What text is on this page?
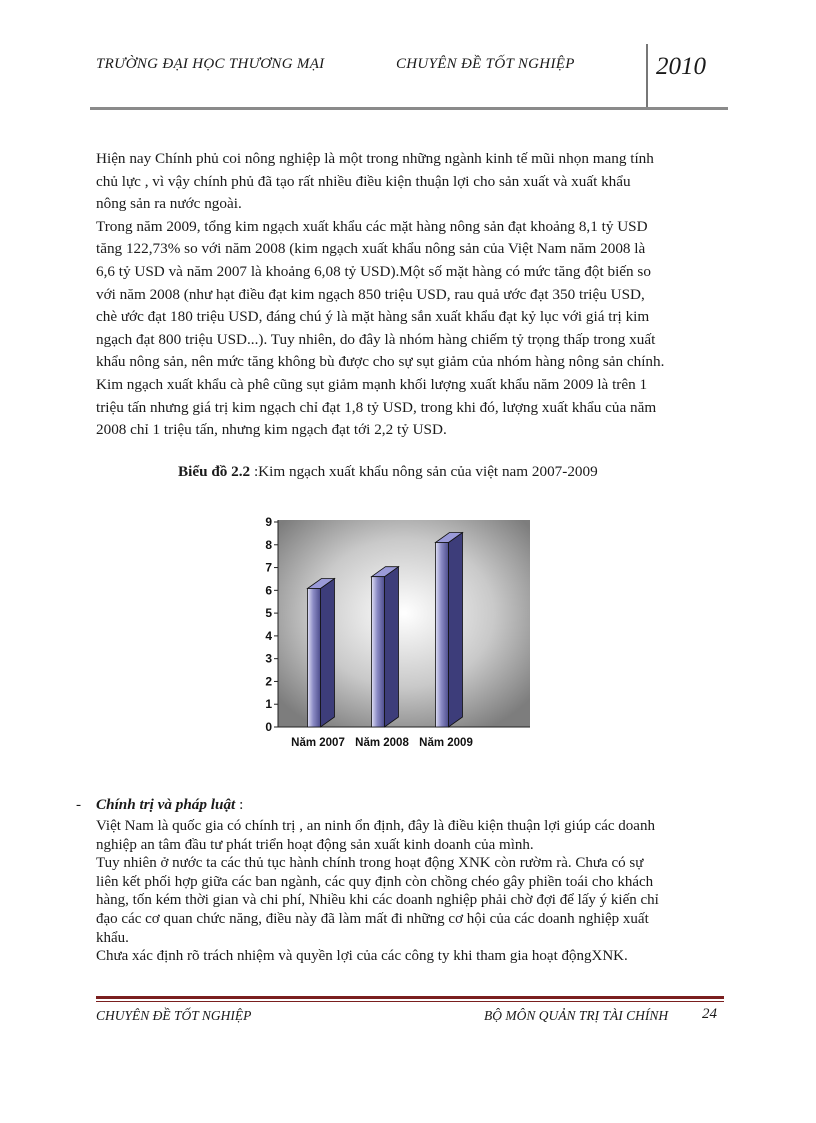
TRƯỜNG ĐẠI HỌC THƯƠNG MẠI	CHUYÊN ĐỀ TỐT NGHIỆP	2010

Hiện nay Chính phủ coi nông nghiệp là một trong những ngành kinh tế mũi nhọn mang tính

chủ lực , vì vậy chính phủ đã tạo rất nhiều điều kiện thuận lợi cho sản xuất và xuất khẩu

nông sản ra nước ngoài.

Trong năm 2009, tổng kim ngạch xuất khẩu các mặt hàng nông sản đạt khoảng 8,1 tỷ USD

tăng 122,73% so với năm 2008 (kim ngạch xuất khẩu nông sản của Việt Nam năm 2008 là

6,6 tỷ USD và năm 2007 là khoảng 6,08 tỷ USD).Một số mặt hàng có mức tăng đột biến so

với năm 2008 (như hạt điều đạt kim ngạch 850 triệu USD, rau quả ước đạt 350 triệu USD,

chè ước đạt 180 triệu USD, đáng chú ý là mặt hàng sắn xuất khẩu đạt kỷ lục với giá trị kim

ngạch đạt 800 triệu USD...). Tuy nhiên, do đây là nhóm hàng chiếm tỷ trọng thấp trong xuất

khẩu nông sản, nên mức tăng không bù được cho sự sụt giảm của nhóm hàng nông sản chính.

Kim ngạch xuất khẩu cà phê cũng sụt giảm mạnh khối lượng xuất khẩu năm 2009 là trên 1

triệu tấn nhưng giá trị kim ngạch chỉ đạt 1,8 tỷ USD, trong khi đó, lượng xuất khẩu của năm

2008 chỉ 1 triệu tấn, nhưng kim ngạch đạt tới 2,2 tỷ USD.

Biểu đồ 2.2 :Kim ngạch xuất khẩu nông sản của việt nam 2007-2009
0
1
2
3
4
5
6
7
8
9
Năm 2007 Năm 2008 Năm 2009
- Chính trị và pháp luật :

Việt Nam là quốc gia có chính trị , an ninh ổn định, đây là điều kiện thuận lợi giúp các doanh

nghiệp an tâm đầu tư phát triển hoạt động sản xuất kinh doanh của mình.

Tuy nhiên ở nước ta các thủ tục hành chính trong hoạt động XNK còn rườm rà. Chưa có sự

liên kết phối hợp giữa các ban ngành, các quy định còn chồng chéo gây phiền toái cho khách

hàng, tốn kém thời gian và chi phí, Nhiều khi các doanh nghiệp phải chờ đợi để lấy ý kiến chỉ

đạo các cơ quan chức năng, điều này đã làm mất đi những cơ hội của các doanh nghiệp xuất

khẩu.

Chưa xác định rõ trách nhiệm và quyền lợi của các công ty khi tham gia hoạt độngXNK.

CHUYÊN ĐỀ TỐT NGHIỆP	BỘ MÔN QUẢN TRỊ TÀI CHÍNH 24
